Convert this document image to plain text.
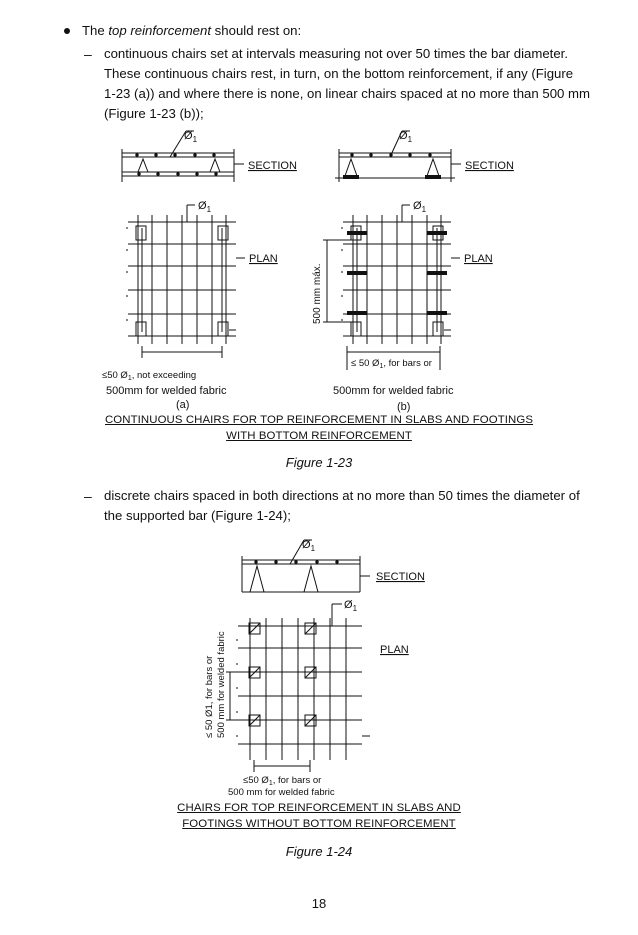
The top reinforcement should rest on:
– continuous chairs set at intervals measuring not over 50 times the bar diameter.
These continuous chairs rest, in turn, on the bottom reinforcement, if any (Figure
1-23 (a)) and where there is none, on linear chairs spaced at no more than 500 mm
(Figure 1-23 (b));
$Ø_1$
SECTION
$Ø_1$
SECTION
$Ø_1$	$Ø_1$
PLAN	PLAN
500 mm máx.
≤50 $Ø_1$, not exceeding
≤ 50 $Ø_1$, for bars or
500mm for welded fabric	500mm for welded fabric
(a)	(b)
CONTINUOUS CHAIRS FOR TOP REINFORCEMENT IN SLABS AND FOOTINGS
WITH BOTTOM REINFORCEMENT
Figure 1-23
– discrete chairs spaced in both directions at no more than 50 times the diameter of
the supported bar (Figure 1-24);
$Ø_1$
SECTION
$Ø_1$
PLAN
≤ 50 Ø1, for bars or 500 mm for welded fabric
≤50 $Ø_1$, for bars or
500 mm for welded fabric
CHAIRS FOR TOP REINFORCEMENT IN SLABS AND
FOOTINGS WITHOUT BOTTOM REINFORCEMENT
Figure 1-24
18
